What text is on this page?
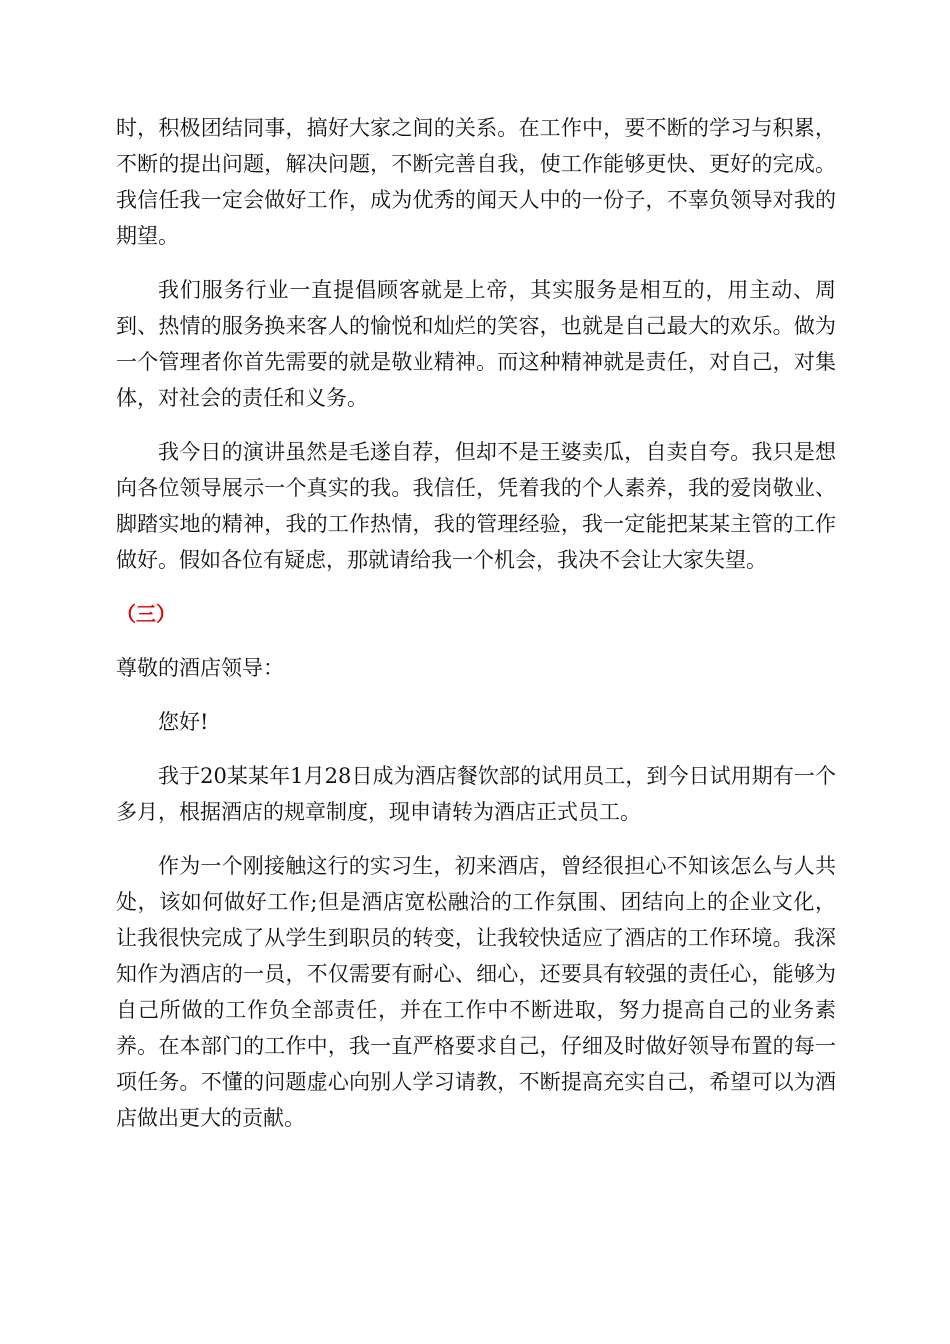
时，积极团结同事，搞好大家之间的关系。在工作中，要不断的学习与积累，不断的提出问题，解决问题，不断完善自我，使工作能够更快、更好的完成。我信任我一定会做好工作，成为优秀的闻天人中的一份子，不辜负领导对我的期望。

我们服务行业一直提倡顾客就是上帝，其实服务是相互的，用主动、周到、热情的服务换来客人的愉悦和灿烂的笑容，也就是自己最大的欢乐。做为一个管理者你首先需要的就是敬业精神。而这种精神就是责任，对自己，对集体，对社会的责任和义务。

我今日的演讲虽然是毛遂自荐，但却不是王婆卖瓜，自卖自夸。我只是想向各位领导展示一个真实的我。我信任，凭着我的个人素养，我的爱岗敬业、脚踏实地的精神，我的工作热情，我的管理经验，我一定能把某某主管的工作做好。假如各位有疑虑，那就请给我一个机会，我决不会让大家失望。

（三）
尊敬的酒店领导：
您好!

我于20某某年1月28日成为酒店餐饮部的试用员工，到今日试用期有一个多月，根据酒店的规章制度，现申请转为酒店正式员工。

作为一个刚接触这行的实习生，初来酒店，曾经很担心不知该怎么与人共处，该如何做好工作;但是酒店宽松融洽的工作氛围、团结向上的企业文化，让我很快完成了从学生到职员的转变，让我较快适应了酒店的工作环境。我深知作为酒店的一员，不仅需要有耐心、细心，还要具有较强的责任心，能够为自己所做的工作负全部责任，并在工作中不断进取，努力提高自己的业务素养。在本部门的工作中，我一直严格要求自己，仔细及时做好领导布置的每一项任务。不懂的问题虚心向别人学习请教，不断提高充实自己，希望可以为酒店做出更大的贡献。
